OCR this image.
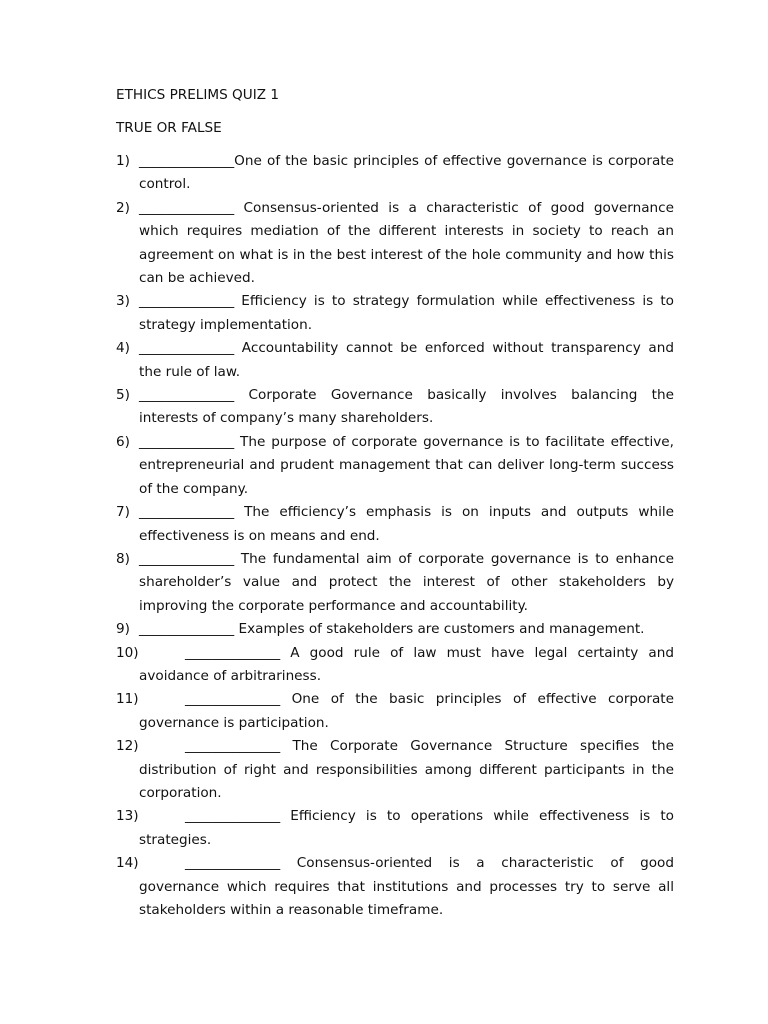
ETHICS PRELIMS QUIZ 1
TRUE OR FALSE
1) ______________One of the basic principles of effective governance is corporate control.
2) ______________ Consensus-oriented is a characteristic of good governance which requires mediation of the different interests in society to reach an agreement on what is in the best interest of the hole community and how this can be achieved.
3) ______________ Efficiency is to strategy formulation while effectiveness is to strategy implementation.
4) ______________ Accountability cannot be enforced without transparency and the rule of law.
5) ______________ Corporate Governance basically involves balancing the interests of company’s many shareholders.
6) ______________ The purpose of corporate governance is to facilitate effective, entrepreneurial and prudent management that can deliver long-term success of the company.
7) ______________ The efficiency’s emphasis is on inputs and outputs while effectiveness is on means and end.
8) ______________ The fundamental aim of corporate governance is to enhance shareholder’s value and protect the interest of other stakeholders by improving the corporate performance and accountability.
9) ______________ Examples of stakeholders are customers and management.
10)	______________ A good rule of law must have legal certainty and avoidance of arbitrariness.
11)	______________ One of the basic principles of effective corporate governance is participation.
12)	______________ The Corporate Governance Structure specifies the distribution of right and responsibilities among different participants in the corporation.
13)	______________ Efficiency is to operations while effectiveness is to strategies.
14)	______________ Consensus-oriented is a characteristic of good governance which requires that institutions and processes try to serve all stakeholders within a reasonable timeframe.
